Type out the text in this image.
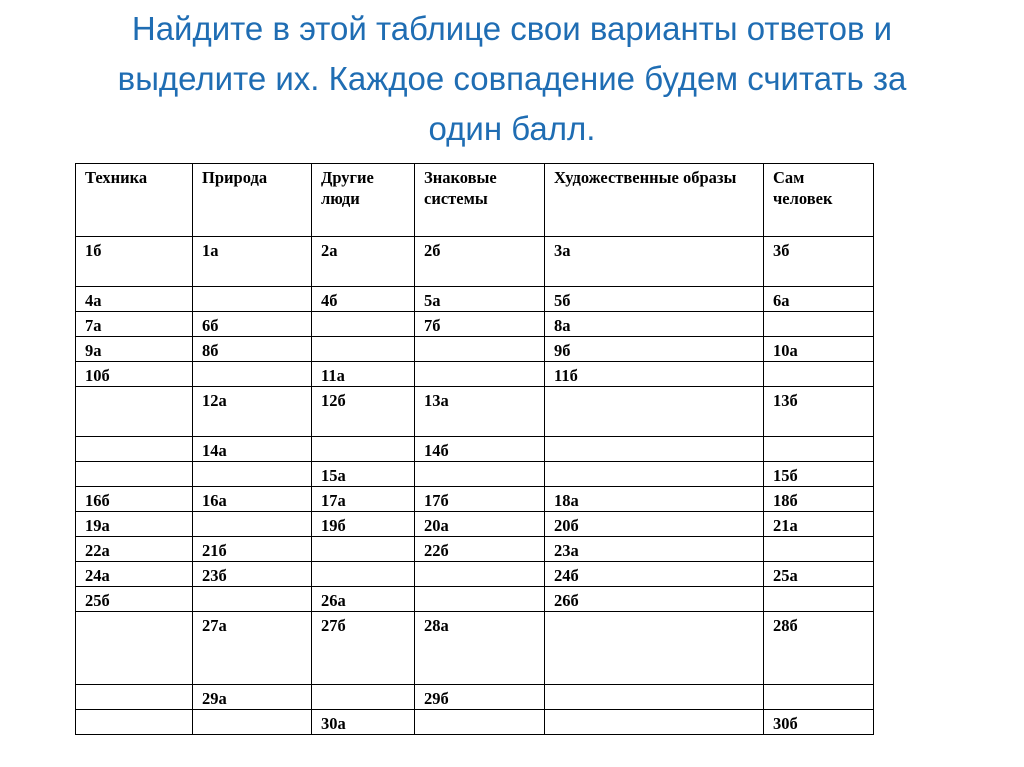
Найдите в этой таблице свои варианты ответов и
выделите их. Каждое совпадение будем считать за
один балл.
Техника	Природа	Другие люди	Знаковые системы	Художественные образы	Сам человек
1б	1а	2а	2б	3а	3б
4а		4б	5а	5б	6а
7а	6б		7б	8а	
9а	8б			9б	10а
10б		11а		11б	
	12а	12б	13а		13б
	14а		14б		
		15а			15б
16б	16а	17а	17б	18а	18б
19а		19б	20а	20б	21а
22а	21б		22б	23а	
24а	23б			24б	25а
25б		26а		26б	
	27а	27б	28а		28б
	29а		29б		
		30а			30б
